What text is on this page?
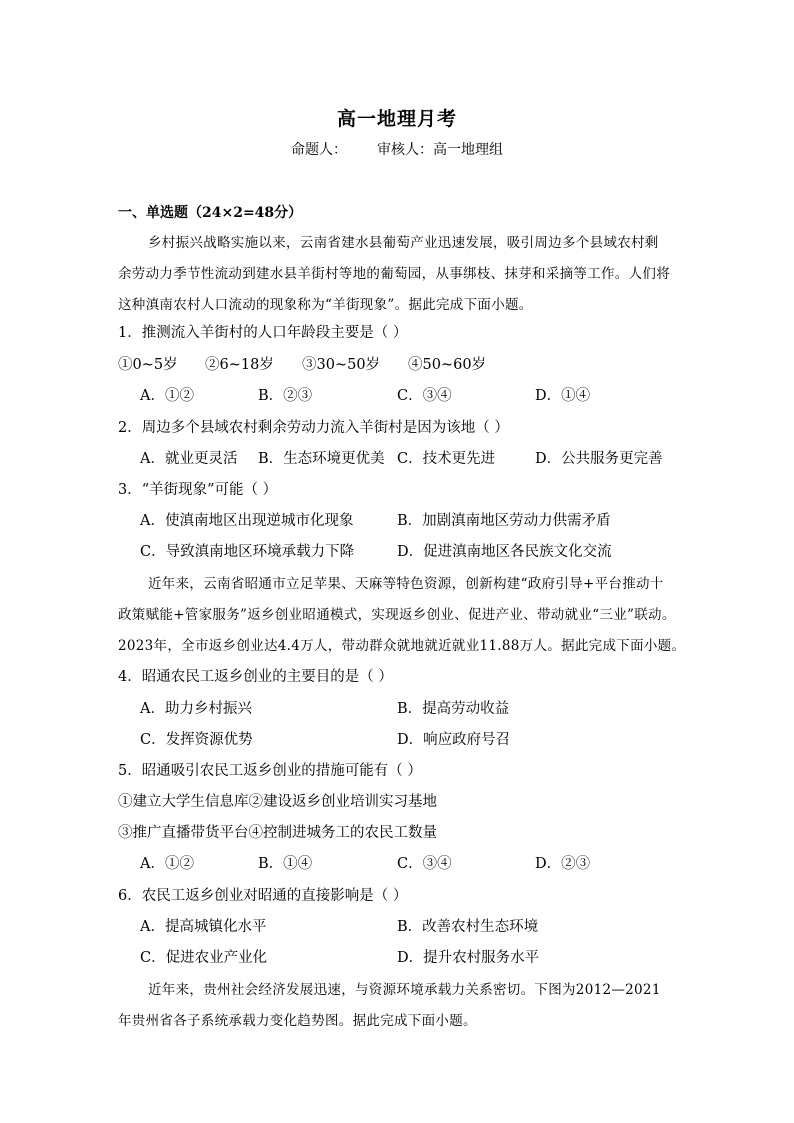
高一地理月考
命题人： 审核人：高一地理组
一、单选题（24×2=48分）
乡村振兴战略实施以来，云南省建水县葡萄产业迅速发展，吸引周边多个县域农村剩
余劳动力季节性流动到建水县羊街村等地的葡萄园，从事绑枝、抹芽和采摘等工作。人们将
这种滇南农村人口流动的现象称为“羊街现象”。据此完成下面小题。
1．推测流入羊街村的人口年龄段主要是（ ）
①0~5岁 ②6~18岁 ③30~50岁 ④50~60岁
A．①②	B．②③	C．③④	D．①④
2．周边多个县域农村剩余劳动力流入羊街村是因为该地（ ）
A．就业更灵活 B．生态环境更优美 C．技术更先进	D．公共服务更完善
3．“羊街现象”可能（ ）
A．使滇南地区出现逆城市化现象	B．加剧滇南地区劳动力供需矛盾
C．导致滇南地区环境承载力下降	D．促进滇南地区各民族文化交流
近年来，云南省昭通市立足苹果、天麻等特色资源，创新构建“政府引导+平台推动十
政策赋能+管家服务”返乡创业昭通模式，实现返乡创业、促进产业、带动就业“三业”联动。
2023年，全市返乡创业达4.4万人，带动群众就地就近就业11.88万人。据此完成下面小题。
4．昭通农民工返乡创业的主要目的是（ ）
A．助力乡村振兴	B．提高劳动收益
C．发挥资源优势	D．响应政府号召
5．昭通吸引农民工返乡创业的措施可能有（ ）
①建立大学生信息库②建设返乡创业培训实习基地
③推广直播带货平台④控制进城务工的农民工数量
A．①②	B．①④	C．③④	D．②③
6．农民工返乡创业对昭通的直接影响是（ ）
A．提高城镇化水平	B．改善农村生态环境
C．促进农业产业化	D．提升农村服务水平
近年来，贵州社会经济发展迅速，与资源环境承载力关系密切。下图为2012—2021
年贵州省各子系统承载力变化趋势图。据此完成下面小题。
